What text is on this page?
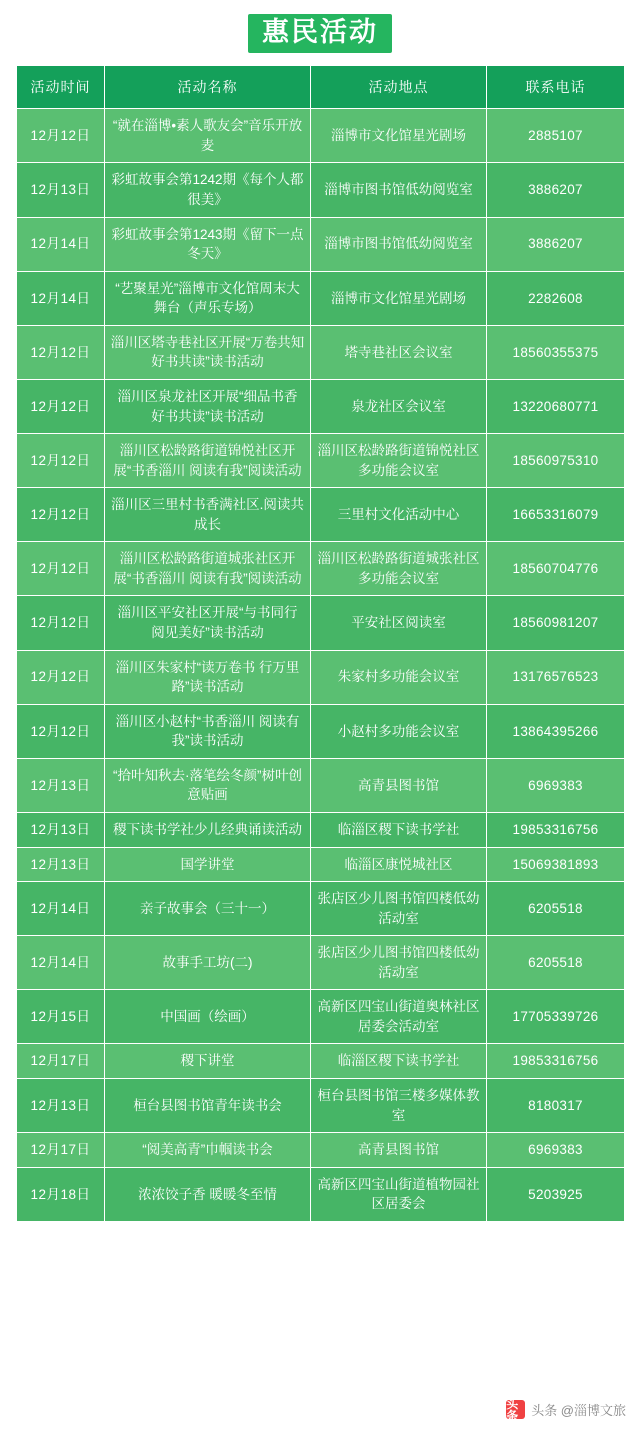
惠民活动
活动时间	活动名称	活动地点	联系电话
12月12日	“就在淄博•素人歌友会”音乐开放麦	淄博市文化馆星光剧场	2885107
12月13日	彩虹故事会第1242期《每个人都很美》	淄博市图书馆低幼阅览室	3886207
12月14日	彩虹故事会第1243期《留下一点冬天》	淄博市图书馆低幼阅览室	3886207
12月14日	“艺聚星光”淄博市文化馆周末大舞台（声乐专场）	淄博市文化馆星光剧场	2282608
12月12日	淄川区塔寺巷社区开展“万卷共知 好书共读”读书活动	塔寺巷社区会议室	18560355375
12月12日	淄川区泉龙社区开展“细品书香 好书共读”读书活动	泉龙社区会议室	13220680771
12月12日	淄川区松龄路街道锦悦社区开展“书香淄川 阅读有我”阅读活动	淄川区松龄路街道锦悦社区多功能会议室	18560975310
12月12日	淄川区三里村书香满社区.阅读共成长	三里村文化活动中心	16653316079
12月12日	淄川区松龄路街道城张社区开展“书香淄川 阅读有我”阅读活动	淄川区松龄路街道城张社区多功能会议室	18560704776
12月12日	淄川区平安社区开展“与书同行 阅见美好”读书活动	平安社区阅读室	18560981207
12月12日	淄川区朱家村“读万卷书 行万里路”读书活动	朱家村多功能会议室	13176576523
12月12日	淄川区小赵村“书香淄川 阅读有我”读书活动	小赵村多功能会议室	13864395266
12月13日	“拾叶知秋去·落笔绘冬颜”树叶创意贴画	高青县图书馆	6969383
12月13日	稷下读书学社少儿经典诵读活动	临淄区稷下读书学社	19853316756
12月13日	国学讲堂	临淄区康悦城社区	15069381893
12月14日	亲子故事会（三十一）	张店区少儿图书馆四楼低幼活动室	6205518
12月14日	故事手工坊(二)	张店区少儿图书馆四楼低幼活动室	6205518
12月15日	中国画（绘画）	高新区四宝山街道奥林社区居委会活动室	17705339726
12月17日	稷下讲堂	临淄区稷下读书学社	19853316756
12月13日	桓台县图书馆青年读书会	桓台县图书馆三楼多媒体教室	8180317
12月17日	“阅美高青”巾帼读书会	高青县图书馆	6969383
12月18日	浓浓饺子香 暖暖冬至情	高新区四宝山街道植物园社区居委会	5203925
头条 头条 @淄博文旅
